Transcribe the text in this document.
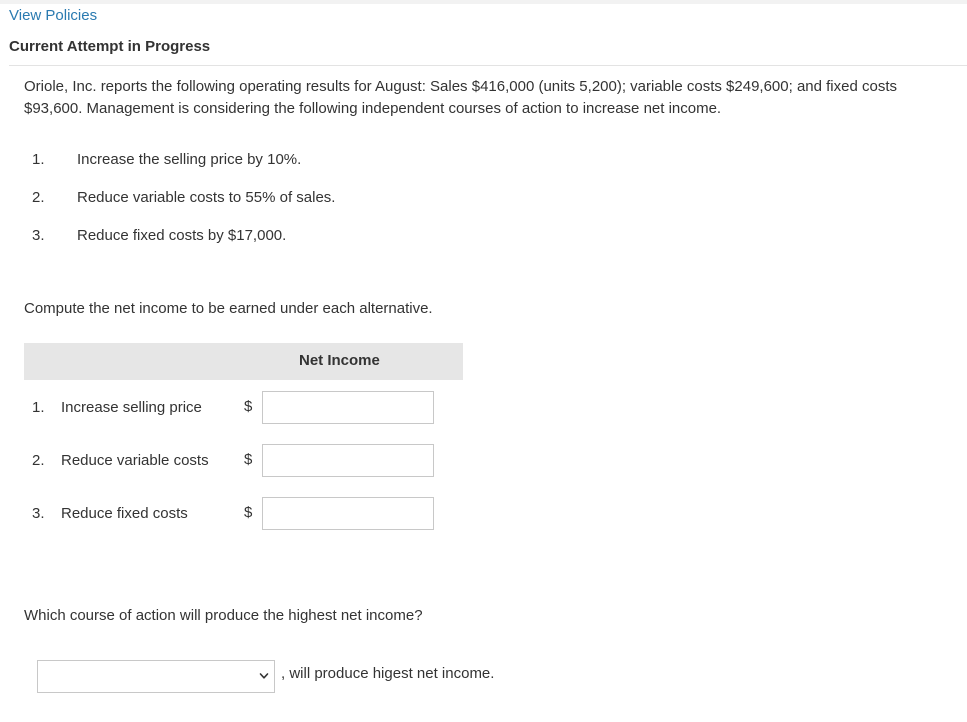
View Policies
Current Attempt in Progress
Oriole, Inc. reports the following operating results for August: Sales $416,000 (units 5,200); variable costs $249,600; and fixed costs $93,600. Management is considering the following independent courses of action to increase net income.
1. Increase the selling price by 10%.
2. Reduce variable costs to 55% of sales.
3. Reduce fixed costs by $17,000.
Compute the net income to be earned under each alternative.
Net Income
1. Increase selling price	$
2. Reduce variable costs $
3. Reduce fixed costs	$
Which course of action will produce the highest net income?
, will produce higest net income.
